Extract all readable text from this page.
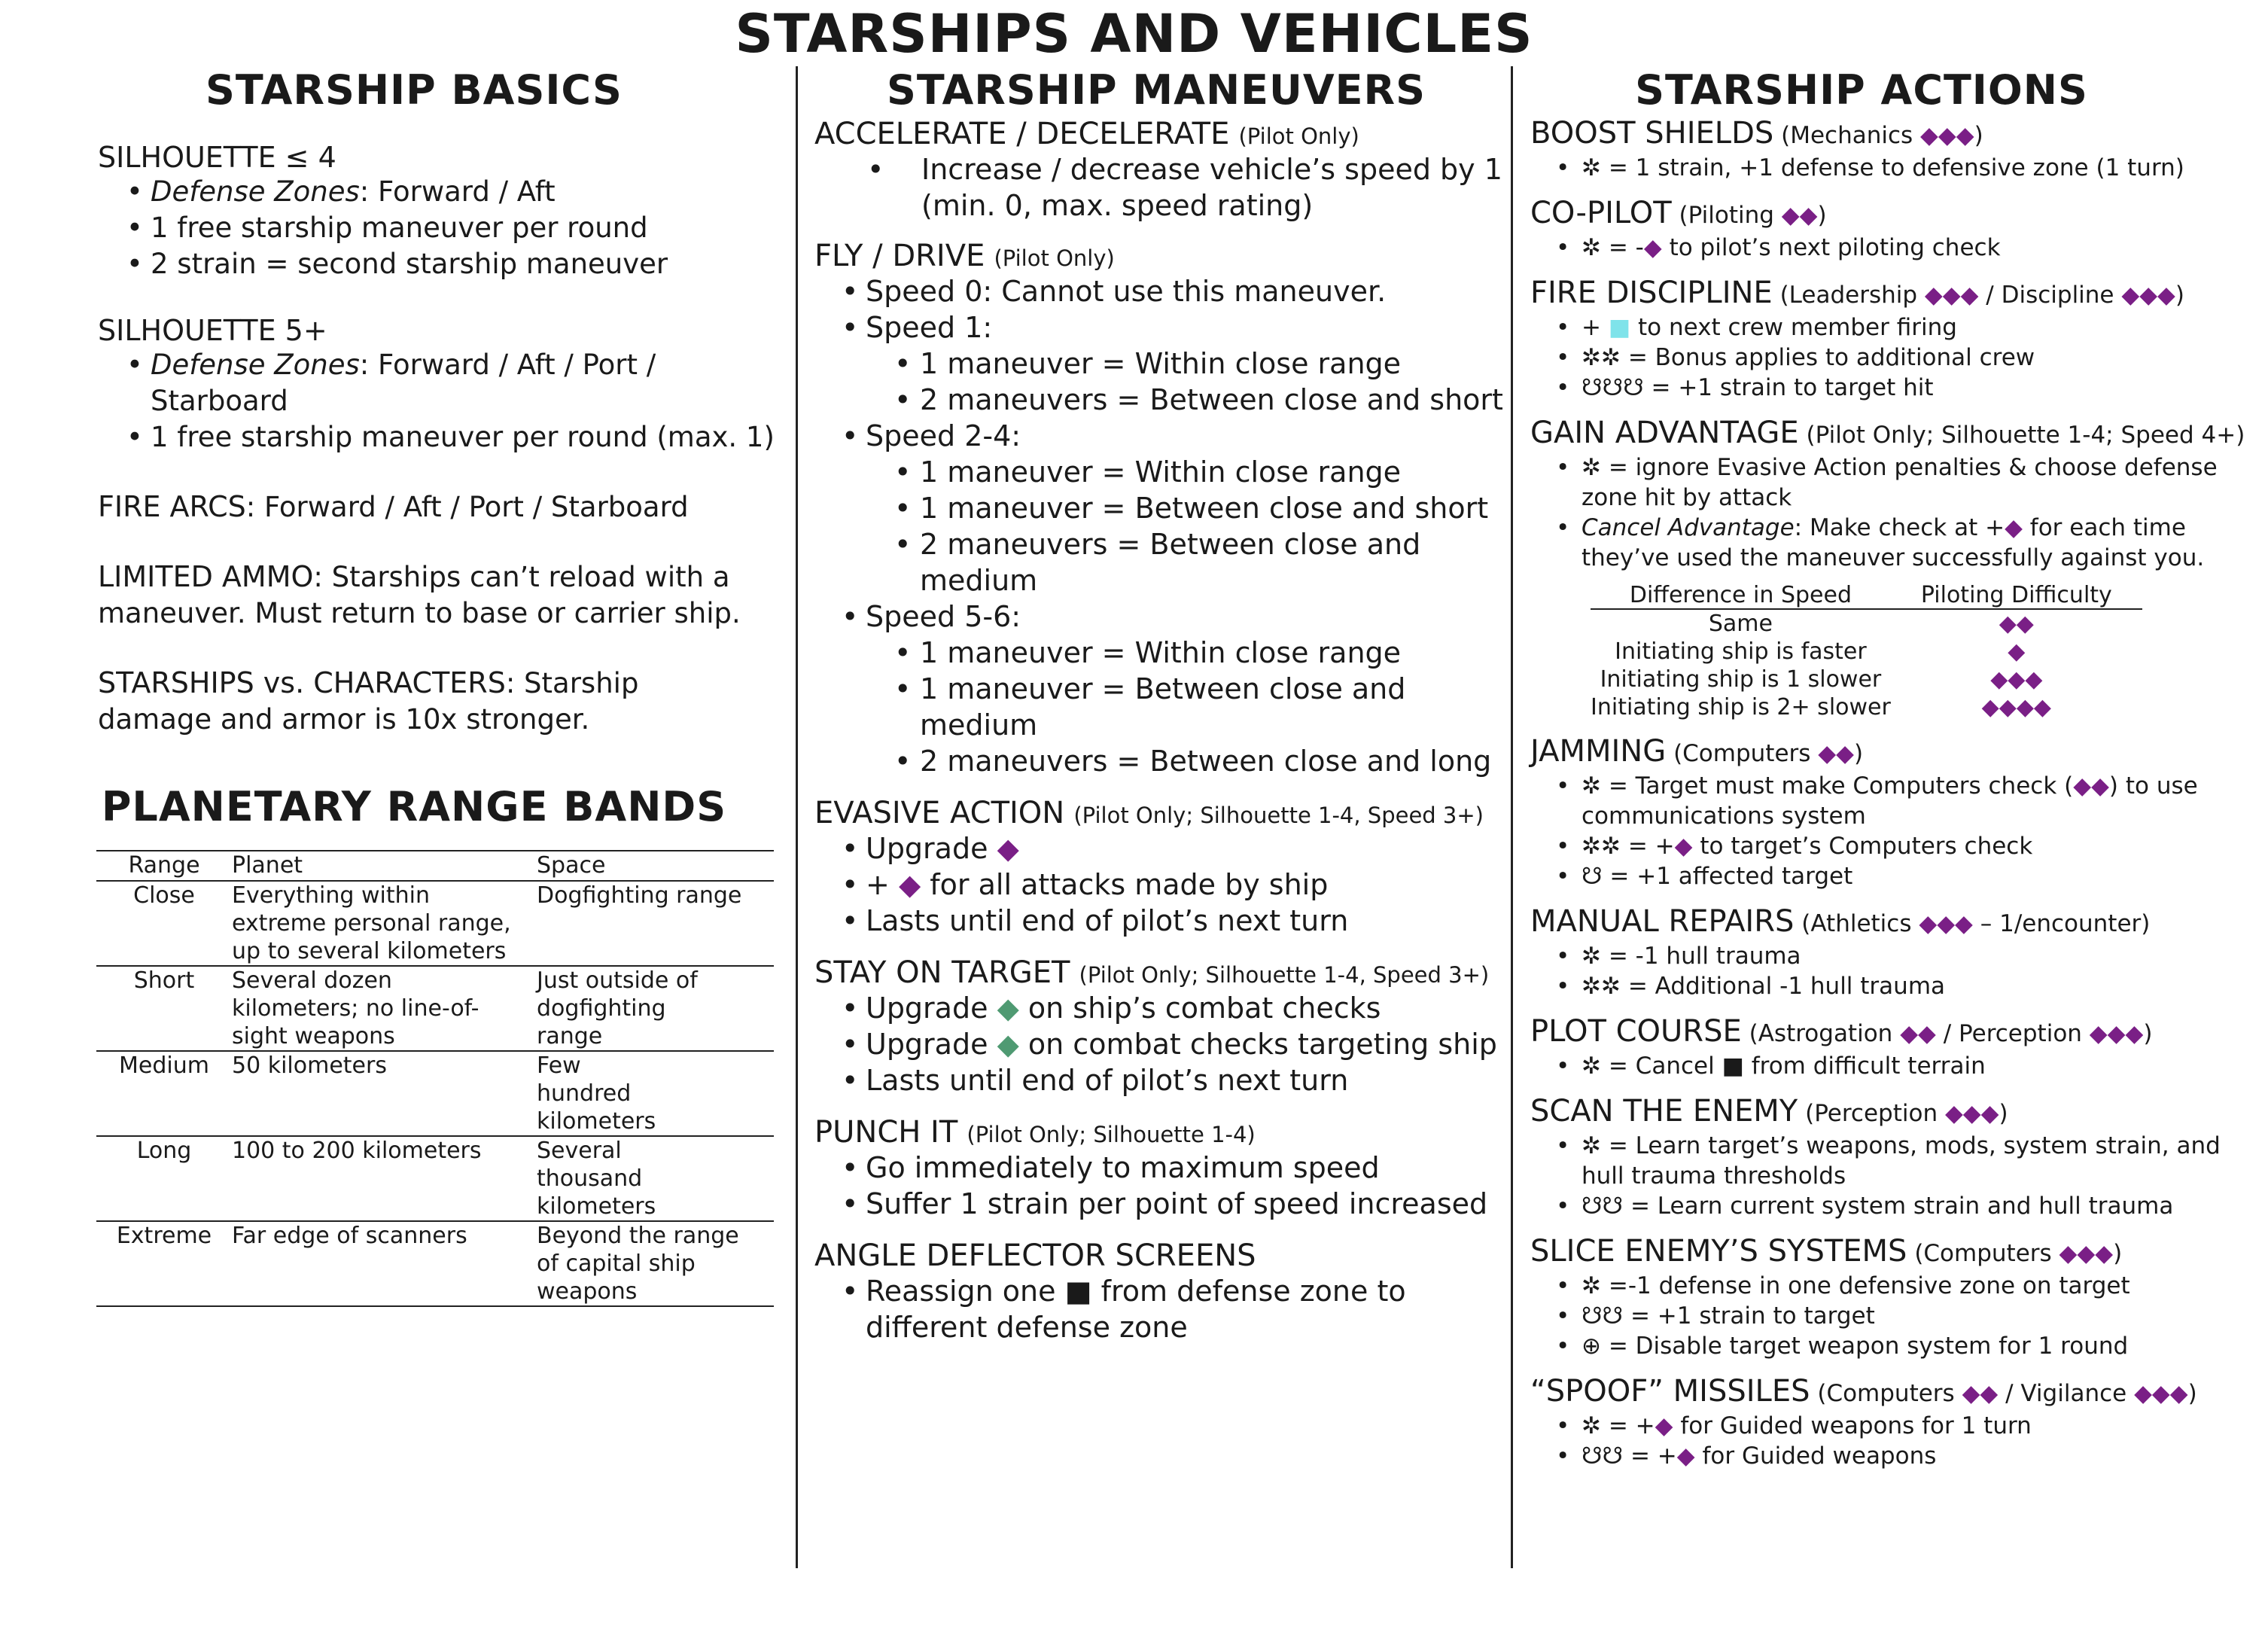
STARSHIPS AND VEHICLES
STARSHIP BASICS
SILHOUETTE ≤ 4
• Defense Zones: Forward / Aft
• 1 free starship maneuver per round
• 2 strain = second starship maneuver
SILHOUETTE 5+
• Defense Zones: Forward / Aft / Port / Starboard
• 1 free starship maneuver per round (max. 1)
FIRE ARCS: Forward / Aft / Port / Starboard
LIMITED AMMO: Starships can’t reload with a maneuver. Must return to base or carrier ship.
STARSHIPS vs. CHARACTERS: Starship damage and armor is 10x stronger.
PLANETARY RANGE BANDS
Range	Planet	Space
Close	Everything within extreme personal range, up to several kilometers	Dogfighting range
Short	Several dozen kilometers; no line-of-sight weapons	Just outside of dogfighting range
Medium	50 kilometers	Few hundred kilometers
Long	100 to 200 kilometers	Several thousand kilometers
Extreme	Far edge of scanners	Beyond the range of capital ship weapons
STARSHIP MANEUVERS
ACCELERATE / DECELERATE (Pilot Only)
• Increase / decrease vehicle’s speed by 1 (min. 0, max. speed rating)
FLY / DRIVE (Pilot Only)
• Speed 0: Cannot use this maneuver.
• Speed 1:
• 1 maneuver = Within close range
• 2 maneuvers = Between close and short
• Speed 2-4:
• 1 maneuver = Within close range
• 1 maneuver = Between close and short
• 2 maneuvers = Between close and medium
• Speed 5-6:
• 1 maneuver = Within close range
• 1 maneuver = Between close and medium
• 2 maneuvers = Between close and long
EVASIVE ACTION (Pilot Only; Silhouette 1-4, Speed 3+)
• Upgrade ◆
• + ◆ for all attacks made by ship
• Lasts until end of pilot’s next turn
STAY ON TARGET (Pilot Only; Silhouette 1-4, Speed 3+)
• Upgrade ◆ on ship’s combat checks
• Upgrade ◆ on combat checks targeting ship
• Lasts until end of pilot’s next turn
PUNCH IT (Pilot Only; Silhouette 1-4)
• Go immediately to maximum speed
• Suffer 1 strain per point of speed increased
ANGLE DEFLECTOR SCREENS
• Reassign one ■ from defense zone to different defense zone
STARSHIP ACTIONS
BOOST SHIELDS (Mechanics ◆◆◆)
• ✲ = 1 strain, +1 defense to defensive zone (1 turn)
CO-PILOT (Piloting ◆◆)
• ✲ = -◆ to pilot’s next piloting check
FIRE DISCIPLINE (Leadership ◆◆◆ / Discipline ◆◆◆)
• + ■ to next crew member firing
• ✲✲ = Bonus applies to additional crew
• ☋☋☋ = +1 strain to target hit
GAIN ADVANTAGE (Pilot Only; Silhouette 1-4; Speed 4+)
• ✲ = ignore Evasive Action penalties & choose defense zone hit by attack
• Cancel Advantage: Make check at +◆ for each time they’ve used the maneuver successfully against you.
Difference in Speed	Piloting Difficulty
Same	◆◆
Initiating ship is faster	◆
Initiating ship is 1 slower	◆◆◆
Initiating ship is 2+ slower	◆◆◆◆
JAMMING (Computers ◆◆)
• ✲ = Target must make Computers check (◆◆) to use communications system
• ✲✲ = +◆ to target’s Computers check
• ☋ = +1 affected target
MANUAL REPAIRS (Athletics ◆◆◆ – 1/encounter)
• ✲ = -1 hull trauma
• ✲✲ = Additional -1 hull trauma
PLOT COURSE (Astrogation ◆◆ / Perception ◆◆◆)
• ✲ = Cancel ■ from difficult terrain
SCAN THE ENEMY (Perception ◆◆◆)
• ✲ = Learn target’s weapons, mods, system strain, and hull trauma thresholds
• ☋☋ = Learn current system strain and hull trauma
SLICE ENEMY’S SYSTEMS (Computers ◆◆◆)
• ✲ =-1 defense in one defensive zone on target
• ☋☋ = +1 strain to target
• ⊕ = Disable target weapon system for 1 round
“SPOOF” MISSILES (Computers ◆◆ / Vigilance ◆◆◆)
• ✲ = +◆ for Guided weapons for 1 turn
• ☋☋ = +◆ for Guided weapons
